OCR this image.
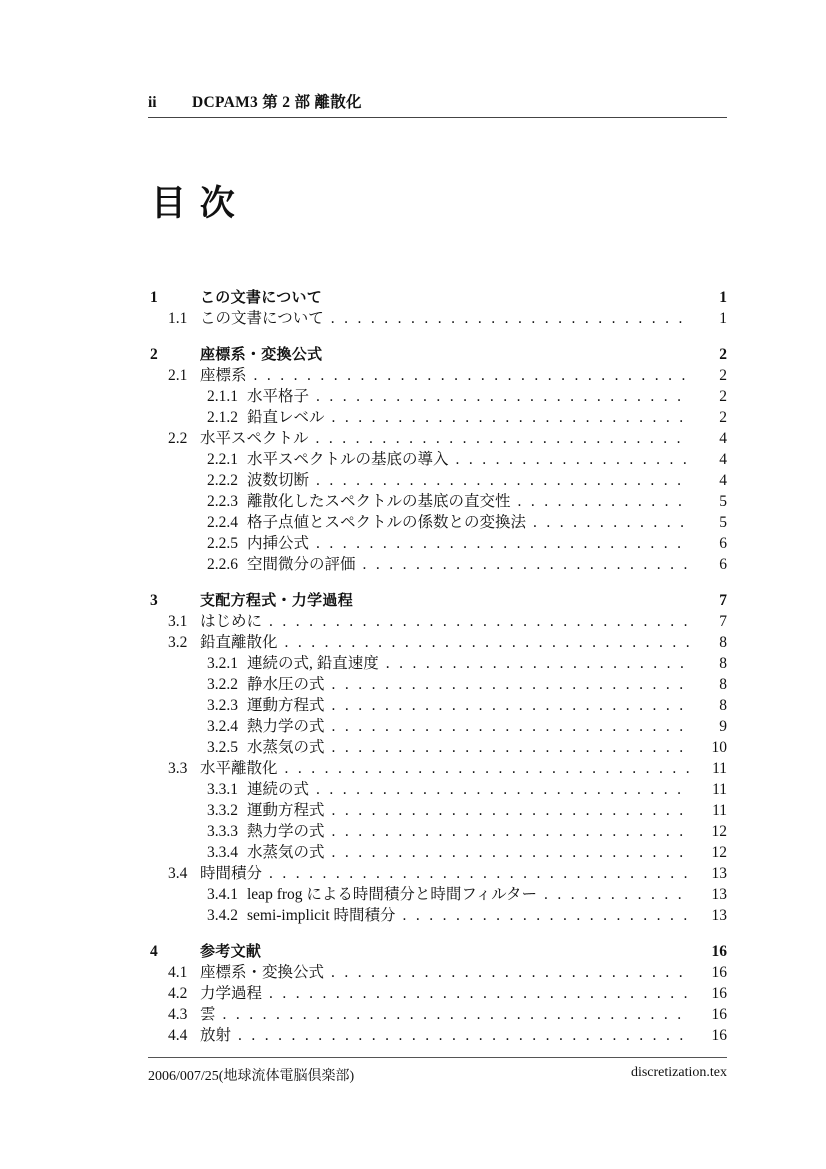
ii	DCPAM3 第 2 部 離散化
目 次
1	この文書について	1
1.1 この文書について .....	1
2	座標系・変換公式	2
2.1 座標系 .....	2
2.1.1 水平格子 .....	2
2.1.2 鉛直レベル .....	2
2.2 水平スペクトル .....	4
2.2.1 水平スペクトルの基底の導入 .....	4
2.2.2 波数切断 .....	4
2.2.3 離散化したスペクトルの基底の直交性 .....	5
2.2.4 格子点値とスペクトルの係数との変換法 .....	5
2.2.5 内挿公式 .....	6
2.2.6 空間微分の評価 .....	6
3	支配方程式・力学過程	7
3.1 はじめに .....	7
3.2 鉛直離散化 .....	8
3.2.1 連続の式, 鉛直速度 .....	8
3.2.2 静水圧の式 .....	8
3.2.3 運動方程式 .....	8
3.2.4 熱力学の式 .....	9
3.2.5 水蒸気の式 .....	10
3.3 水平離散化 .....	11
3.3.1 連続の式 .....	11
3.3.2 運動方程式 .....	11
3.3.3 熱力学の式 .....	12
3.3.4 水蒸気の式 .....	12
3.4 時間積分 .....	13
3.4.1 leap frog による時間積分と時間フィルター .....	13
3.4.2 semi-implicit 時間積分 .....	13
4	参考文献	16
4.1 座標系・変換公式 .....	16
4.2 力学過程 .....	16
4.3 雲 .....	16
4.4 放射 .....	16
2006/007/25(地球流体電脳倶楽部)	discretization.tex
